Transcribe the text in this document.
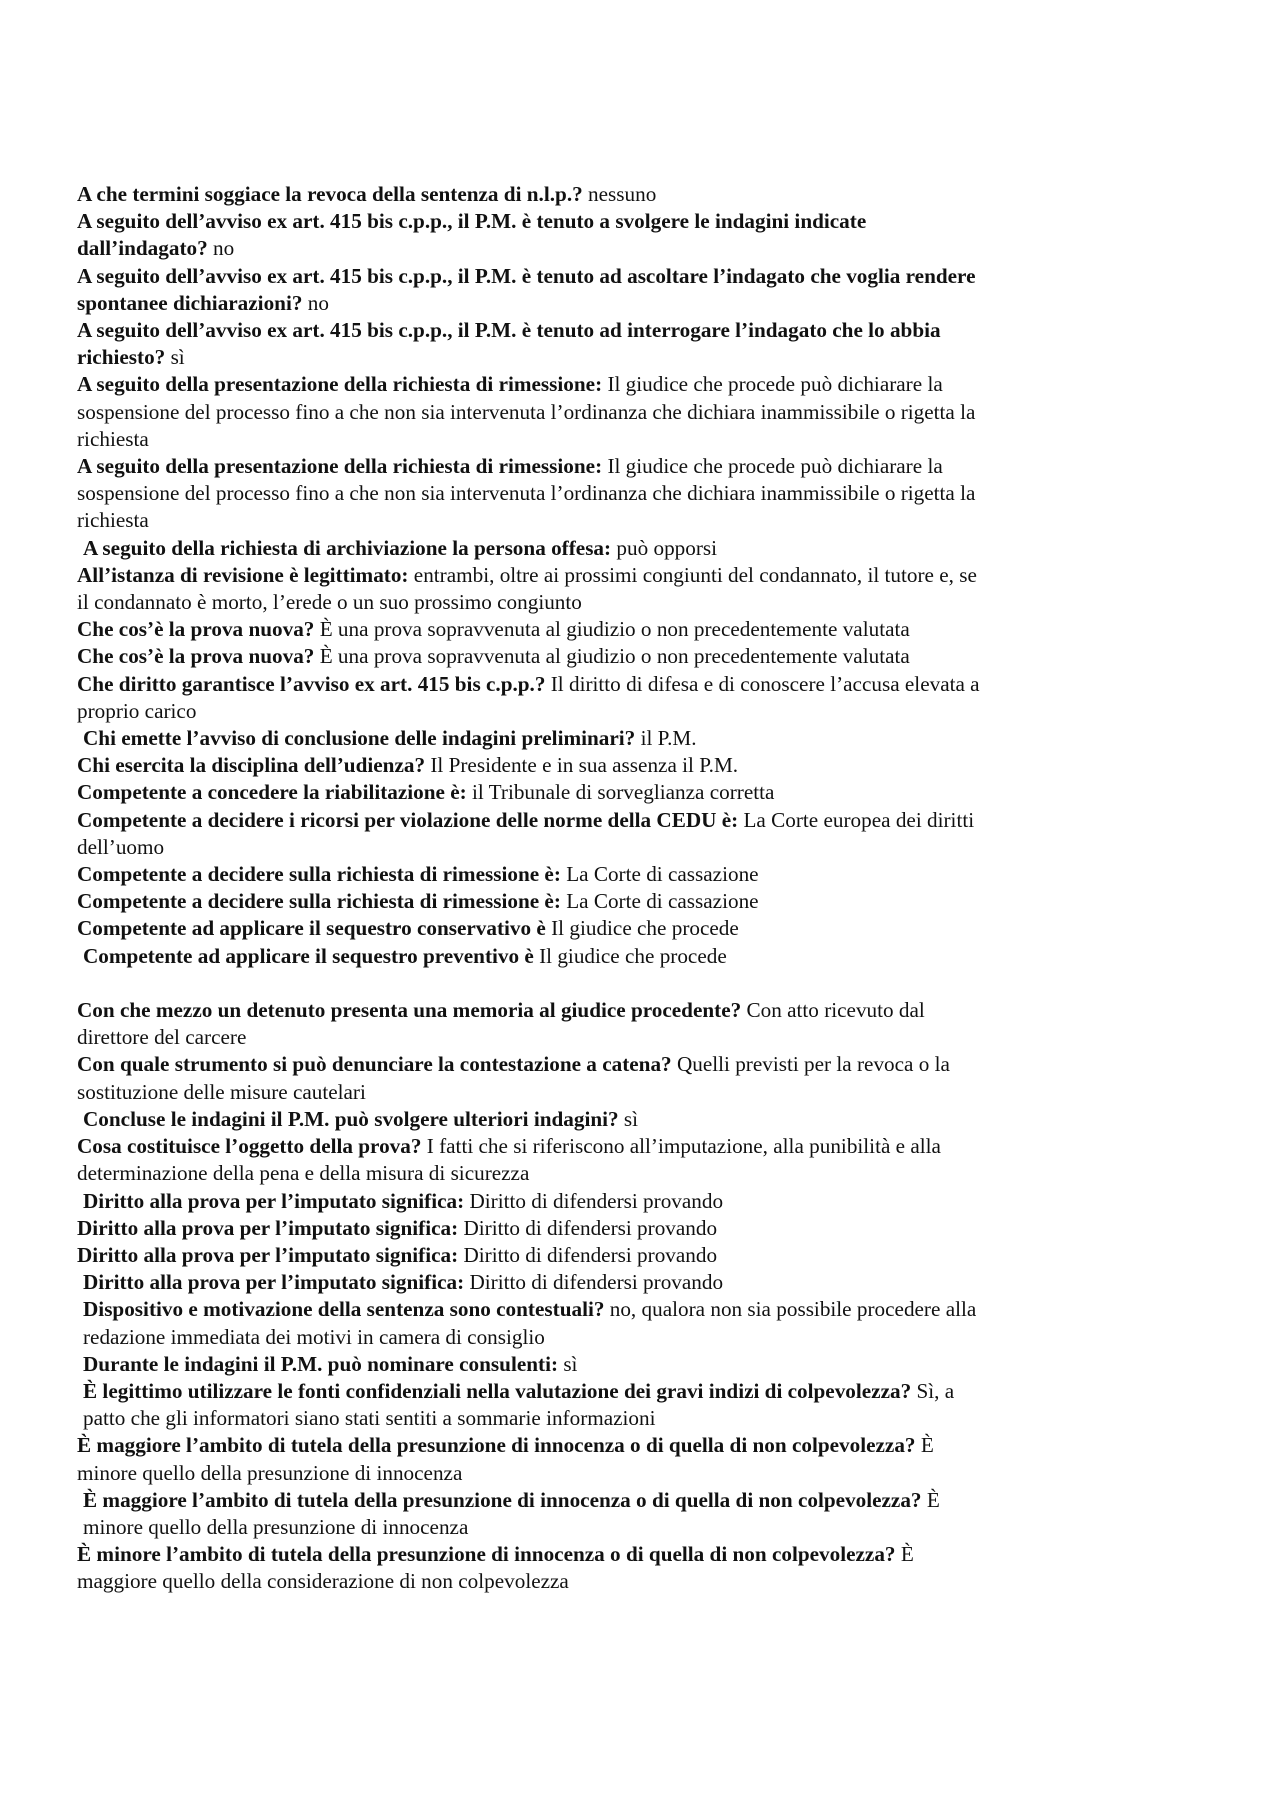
A che termini soggiace la revoca della sentenza di n.l.p.? nessuno

A seguito dell’avviso ex art. 415 bis c.p.p., il P.M. è tenuto a svolgere le indagini indicate dall’indagato? no

A seguito dell’avviso ex art. 415 bis c.p.p., il P.M. è tenuto ad ascoltare l’indagato che voglia rendere spontanee dichiarazioni? no

A seguito dell’avviso ex art. 415 bis c.p.p., il P.M. è tenuto ad interrogare l’indagato che lo abbia richiesto? sì

A seguito della presentazione della richiesta di rimessione: Il giudice che procede può dichiarare la sospensione del processo fino a che non sia intervenuta l’ordinanza che dichiara inammissibile o rigetta la richiesta

A seguito della presentazione della richiesta di rimessione: Il giudice che procede può dichiarare la sospensione del processo fino a che non sia intervenuta l’ordinanza che dichiara inammissibile o rigetta la richiesta

A seguito della richiesta di archiviazione la persona offesa: può opporsi

All’istanza di revisione è legittimato: entrambi, oltre ai prossimi congiunti del condannato, il tutore e, se il condannato è morto, l’erede o un suo prossimo congiunto

Che cos’è la prova nuova? È una prova sopravvenuta al giudizio o non precedentemente valutata

Che cos’è la prova nuova? È una prova sopravvenuta al giudizio o non precedentemente valutata

Che diritto garantisce l’avviso ex art. 415 bis c.p.p.? Il diritto di difesa e di conoscere l’accusa elevata a proprio carico

Chi emette l’avviso di conclusione delle indagini preliminari? il P.M.

Chi esercita la disciplina dell’udienza? Il Presidente e in sua assenza il P.M.

Competente a concedere la riabilitazione è: il Tribunale di sorveglianza corretta

Competente a decidere i ricorsi per violazione delle norme della CEDU è: La Corte europea dei diritti dell’uomo

Competente a decidere sulla richiesta di rimessione è: La Corte di cassazione

Competente a decidere sulla richiesta di rimessione è: La Corte di cassazione

Competente ad applicare il sequestro conservativo è Il giudice che procede

Competente ad applicare il sequestro preventivo è Il giudice che procede

Con che mezzo un detenuto presenta una memoria al giudice procedente? Con atto ricevuto dal direttore del carcere

Con quale strumento si può denunciare la contestazione a catena? Quelli previsti per la revoca o la sostituzione delle misure cautelari

Concluse le indagini il P.M. può svolgere ulteriori indagini? sì

Cosa costituisce l’oggetto della prova? I fatti che si riferiscono all’imputazione, alla punibilità e alla determinazione della pena e della misura di sicurezza

Diritto alla prova per l’imputato significa: Diritto di difendersi provando

Diritto alla prova per l’imputato significa: Diritto di difendersi provando

Diritto alla prova per l’imputato significa: Diritto di difendersi provando

Diritto alla prova per l’imputato significa: Diritto di difendersi provando

Dispositivo e motivazione della sentenza sono contestuali? no, qualora non sia possibile procedere alla redazione immediata dei motivi in camera di consiglio

Durante le indagini il P.M. può nominare consulenti: sì

È legittimo utilizzare le fonti confidenziali nella valutazione dei gravi indizi di colpevolezza? Sì, a patto che gli informatori siano stati sentiti a sommarie informazioni

È maggiore l’ambito di tutela della presunzione di innocenza o di quella di non colpevolezza? È minore quello della presunzione di innocenza

È maggiore l’ambito di tutela della presunzione di innocenza o di quella di non colpevolezza? È minore quello della presunzione di innocenza

È minore l’ambito di tutela della presunzione di innocenza o di quella di non colpevolezza? È maggiore quello della considerazione di non colpevolezza
